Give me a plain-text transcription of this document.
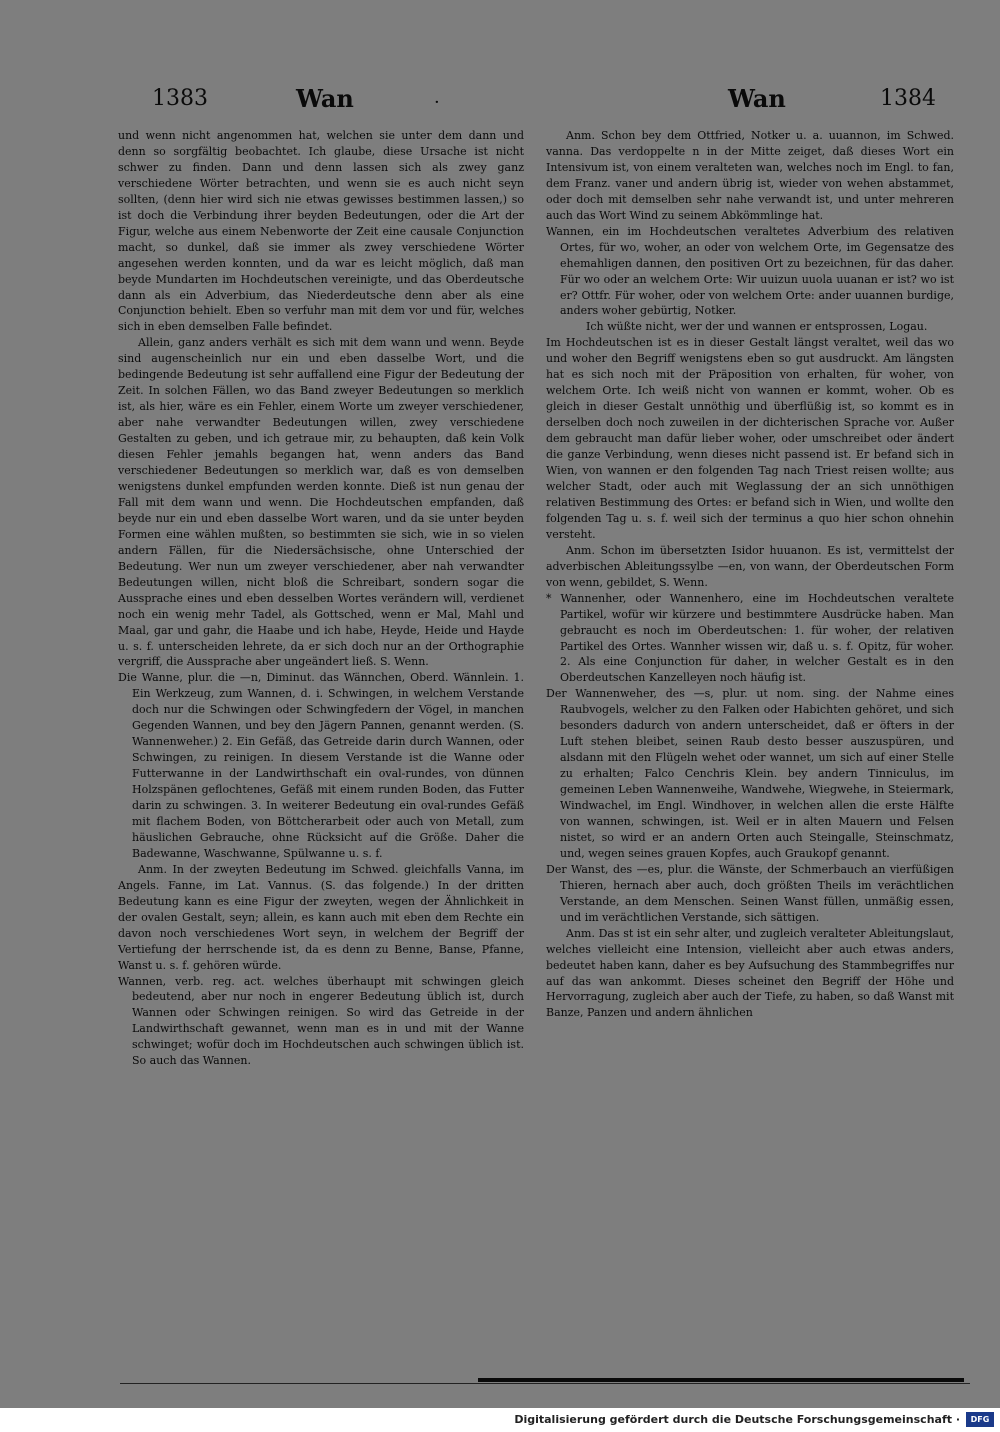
1383	Wan	·	Wan	1384

und wenn nicht angenommen hat, welchen sie unter dem dann und denn so sorgfältig beobachtet. Ich glaube, diese Ursache ist nicht schwer zu finden. Dann und denn lassen sich als zwey ganz verschiedene Wörter betrachten, und wenn sie es auch nicht seyn sollten, (denn hier wird sich nie etwas gewisses bestimmen lassen,) so ist doch die Verbindung ihrer beyden Bedeutungen, oder die Art der Figur, welche aus einem Nebenworte der Zeit eine causale Conjunction macht, so dunkel, daß sie immer als zwey verschiedene Wörter angesehen werden konnten, und da war es leicht möglich, daß man beyde Mundarten im Hochdeutschen vereinigte, und das Oberdeutsche dann als ein Adverbium, das Niederdeutsche denn aber als eine Conjunction behielt. Eben so verfuhr man mit dem vor und für, welches sich in eben demselben Falle befindet.

Allein, ganz anders verhält es sich mit dem wann und wenn. Beyde sind augenscheinlich nur ein und eben dasselbe Wort, und die bedingende Bedeutung ist sehr auffallend eine Figur der Bedeutung der Zeit. In solchen Fällen, wo das Band zweyer Bedeutungen so merklich ist, als hier, wäre es ein Fehler, einem Worte um zweyer verschiedener, aber nahe verwandter Bedeutungen willen, zwey verschiedene Gestalten zu geben, und ich getraue mir, zu behaupten, daß kein Volk diesen Fehler jemahls begangen hat, wenn anders das Band verschiedener Bedeutungen so merklich war, daß es von demselben wenigstens dunkel empfunden werden konnte. Dieß ist nun genau der Fall mit dem wann und wenn. Die Hochdeutschen empfanden, daß beyde nur ein und eben dasselbe Wort waren, und da sie unter beyden Formen eine wählen mußten, so bestimmten sie sich, wie in so vielen andern Fällen, für die Niedersächsische, ohne Unterschied der Bedeutung. Wer nun um zweyer verschiedener, aber nah verwandter Bedeutungen willen, nicht bloß die Schreibart, sondern sogar die Aussprache eines und eben desselben Wortes verändern will, verdienet noch ein wenig mehr Tadel, als Gottsched, wenn er Mal, Mahl und Maal, gar und gahr, die Haabe und ich habe, Heyde, Heide und Hayde u. s. f. unterscheiden lehrete, da er sich doch nur an der Orthographie vergriff, die Aussprache aber ungeändert ließ. S. Wenn.

Die Wanne, plur. die —n, Diminut. das Wännchen, Oberd. Wännlein. 1. Ein Werkzeug, zum Wannen, d. i. Schwingen, in welchem Verstande doch nur die Schwingen oder Schwingfedern der Vögel, in manchen Gegenden Wannen, und bey den Jägern Pannen, genannt werden. (S. Wannenweher.) 2. Ein Gefäß, das Getreide darin durch Wannen, oder Schwingen, zu reinigen. In diesem Verstande ist die Wanne oder Futterwanne in der Landwirthschaft ein oval-rundes, von dünnen Holzspänen geflochtenes, Gefäß mit einem runden Boden, das Futter darin zu schwingen. 3. In weiterer Bedeutung ein oval-rundes Gefäß mit flachem Boden, von Böttcherarbeit oder auch von Metall, zum häuslichen Gebrauche, ohne Rücksicht auf die Größe. Daher die Badewanne, Waschwanne, Spülwanne u. s. f.

Anm. In der zweyten Bedeutung im Schwed. gleichfalls Vanna, im Angels. Fanne, im Lat. Vannus. (S. das folgende.) In der dritten Bedeutung kann es eine Figur der zweyten, wegen der Ähnlichkeit in der ovalen Gestalt, seyn; allein, es kann auch mit eben dem Rechte ein davon noch verschiedenes Wort seyn, in welchem der Begriff der Vertiefung der herrschende ist, da es denn zu Benne, Banse, Pfanne, Wanst u. s. f. gehören würde.

Wannen, verb. reg. act. welches überhaupt mit schwingen gleich bedeutend, aber nur noch in engerer Bedeutung üblich ist, durch Wannen oder Schwingen reinigen. So wird das Getreide in der Landwirthschaft gewannet, wenn man es in und mit der Wanne schwinget; wofür doch im Hochdeutschen auch schwingen üblich ist. So auch das Wannen.

Anm. Schon bey dem Ottfried, Notker u. a. uuannon, im Schwed. vanna. Das verdoppelte n in der Mitte zeiget, daß dieses Wort ein Intensivum ist, von einem veralteten wan, welches noch im Engl. to fan, dem Franz. vaner und andern übrig ist, wieder von wehen abstammet, oder doch mit demselben sehr nahe verwandt ist, und unter mehreren auch das Wort Wind zu seinem Abkömmlinge hat.

Wannen, ein im Hochdeutschen veraltetes Adverbium des relativen Ortes, für wo, woher, an oder von welchem Orte, im Gegensatze des ehemahligen dannen, den positiven Ort zu bezeichnen, für das daher. Für wo oder an welchem Orte: Wir uuizun uuola uuanan er ist? wo ist er? Ottfr. Für woher, oder von welchem Orte: ander uuannen burdige, anders woher gebürtig, Notker.

Ich wüßte nicht, wer der und wannen er entsprossen, Logau.

Im Hochdeutschen ist es in dieser Gestalt längst veraltet, weil das wo und woher den Begriff wenigstens eben so gut ausdruckt. Am längsten hat es sich noch mit der Präposition von erhalten, für woher, von welchem Orte. Ich weiß nicht von wannen er kommt, woher. Ob es gleich in dieser Gestalt unnöthig und überflüßig ist, so kommt es in derselben doch noch zuweilen in der dichterischen Sprache vor. Außer dem gebraucht man dafür lieber woher, oder umschreibet oder ändert die ganze Verbindung, wenn dieses nicht passend ist. Er befand sich in Wien, von wannen er den folgenden Tag nach Triest reisen wollte; aus welcher Stadt, oder auch mit Weglassung der an sich unnöthigen relativen Bestimmung des Ortes: er befand sich in Wien, und wollte den folgenden Tag u. s. f. weil sich der terminus a quo hier schon ohnehin versteht.

Anm. Schon im übersetzten Isidor huuanon. Es ist, vermittelst der adverbischen Ableitungssylbe —en, von wann, der Oberdeutschen Form von wenn, gebildet, S. Wenn.

* Wannenher, oder Wannenhero, eine im Hochdeutschen veraltete Partikel, wofür wir kürzere und bestimmtere Ausdrücke haben. Man gebraucht es noch im Oberdeutschen: 1. für woher, der relativen Partikel des Ortes. Wannher wissen wir, daß u. s. f. Opitz, für woher. 2. Als eine Conjunction für daher, in welcher Gestalt es in den Oberdeutschen Kanzelleyen noch häufig ist.

Der Wannenweher, des —s, plur. ut nom. sing. der Nahme eines Raubvogels, welcher zu den Falken oder Habichten gehöret, und sich besonders dadurch von andern unterscheidet, daß er öfters in der Luft stehen bleibet, seinen Raub desto besser auszuspüren, und alsdann mit den Flügeln wehet oder wannet, um sich auf einer Stelle zu erhalten; Falco Cenchris Klein. bey andern Tinniculus, im gemeinen Leben Wannenweihe, Wandwehe, Wiegwehe, in Steiermark, Windwachel, im Engl. Windhover, in welchen allen die erste Hälfte von wannen, schwingen, ist. Weil er in alten Mauern und Felsen nistet, so wird er an andern Orten auch Steingalle, Steinschmatz, und, wegen seines grauen Kopfes, auch Graukopf genannt.

Der Wanst, des —es, plur. die Wänste, der Schmerbauch an vierfüßigen Thieren, hernach aber auch, doch größten Theils im verächtlichen Verstande, an dem Menschen. Seinen Wanst füllen, unmäßig essen, und im verächtlichen Verstande, sich sättigen.

Anm. Das st ist ein sehr alter, und zugleich veralteter Ableitungslaut, welches vielleicht eine Intension, vielleicht aber auch etwas anders, bedeutet haben kann, daher es bey Aufsuchung des Stammbegriffes nur auf das wan ankommt. Dieses scheinet den Begriff der Höhe und Hervorragung, zugleich aber auch der Tiefe, zu haben, so daß Wanst mit Banze, Panzen und andern ähnlichen

Digitalisierung gefördert durch die Deutsche Forschungsgemeinschaft ·	DFG
